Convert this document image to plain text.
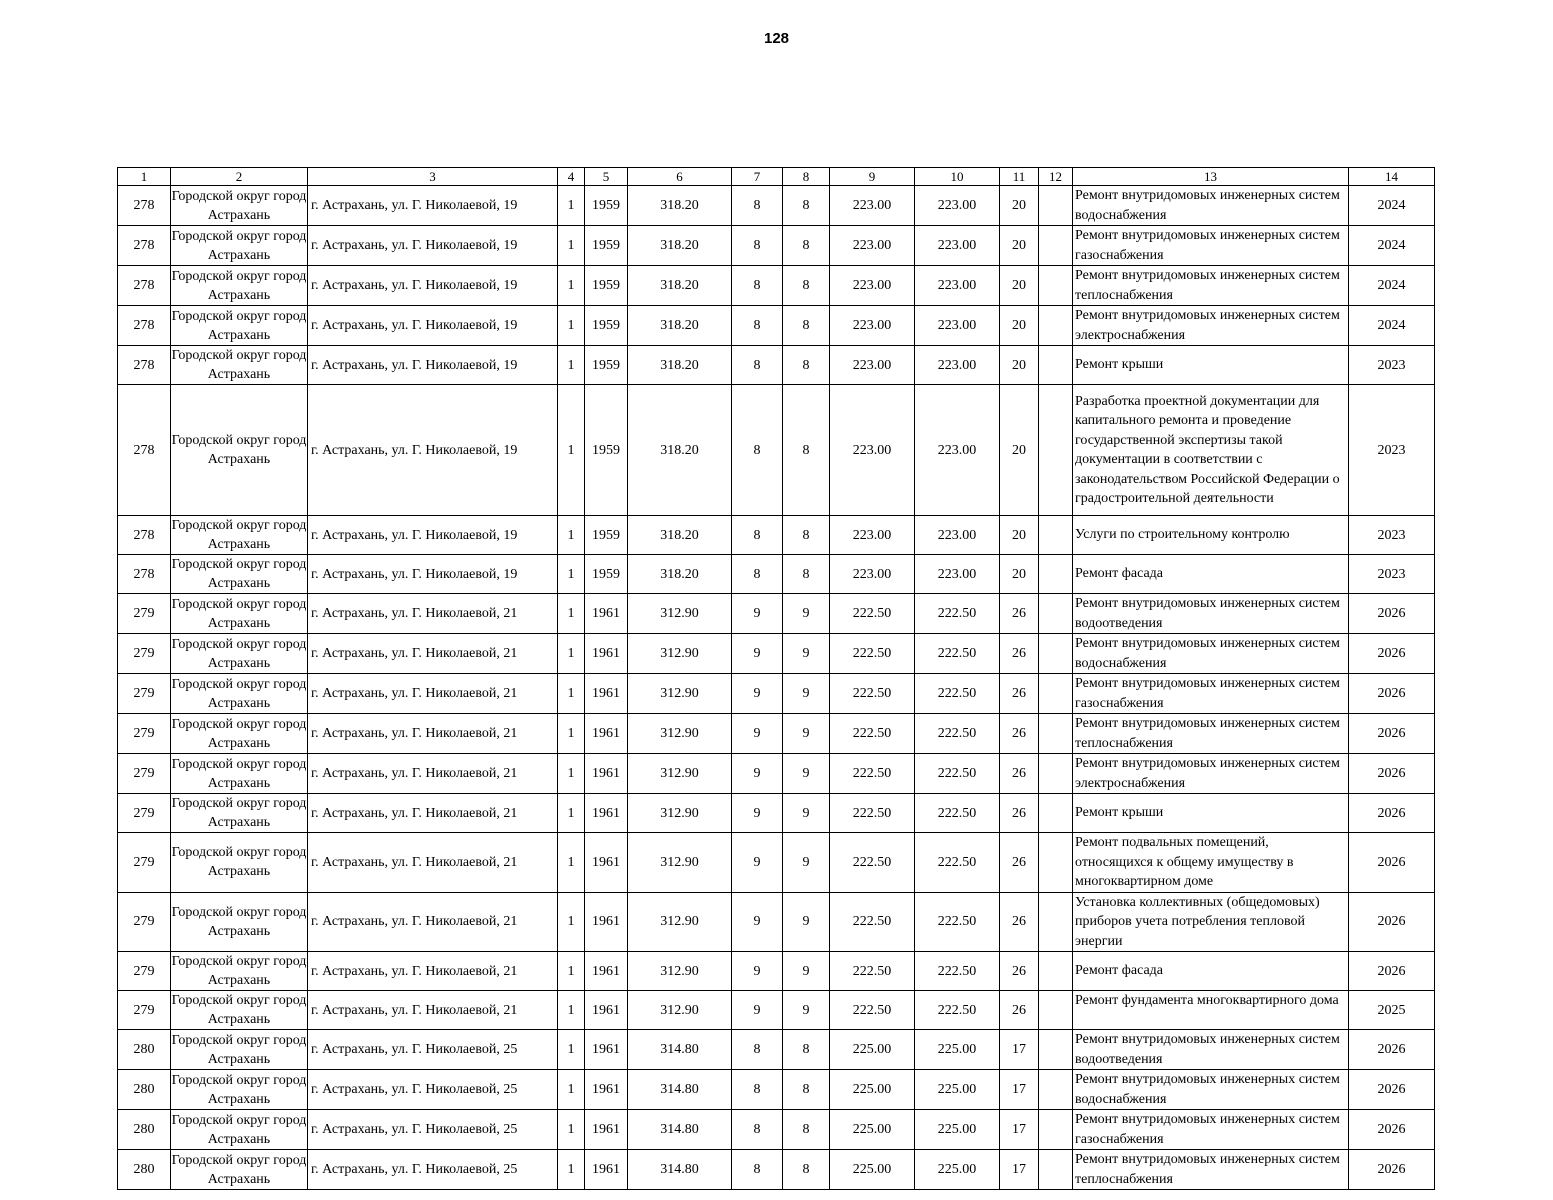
128
1	2	3	4	5	6	7	8	9	10	11	12	13	14
278	Городской округ город Астрахань	г. Астрахань, ул. Г. Николаевой, 19	1	1959	318.20	8	8	223.00	223.00	20		Ремонт внутридомовых инженерных систем водоснабжения	2024
278	Городской округ город Астрахань	г. Астрахань, ул. Г. Николаевой, 19	1	1959	318.20	8	8	223.00	223.00	20		Ремонт внутридомовых инженерных систем газоснабжения	2024
278	Городской округ город Астрахань	г. Астрахань, ул. Г. Николаевой, 19	1	1959	318.20	8	8	223.00	223.00	20		Ремонт внутридомовых инженерных систем теплоснабжения	2024
278	Городской округ город Астрахань	г. Астрахань, ул. Г. Николаевой, 19	1	1959	318.20	8	8	223.00	223.00	20		Ремонт внутридомовых инженерных систем электроснабжения	2024
278	Городской округ город Астрахань	г. Астрахань, ул. Г. Николаевой, 19	1	1959	318.20	8	8	223.00	223.00	20		Ремонт крыши	2023
278	Городской округ город Астрахань	г. Астрахань, ул. Г. Николаевой, 19	1	1959	318.20	8	8	223.00	223.00	20		Разработка проектной документации для капитального ремонта и проведение государственной экспертизы такой документации в соответствии с законодательством Российской Федерации о градостроительной деятельности	2023
278	Городской округ город Астрахань	г. Астрахань, ул. Г. Николаевой, 19	1	1959	318.20	8	8	223.00	223.00	20		Услуги по строительному контролю	2023
278	Городской округ город Астрахань	г. Астрахань, ул. Г. Николаевой, 19	1	1959	318.20	8	8	223.00	223.00	20		Ремонт фасада	2023
279	Городской округ город Астрахань	г. Астрахань, ул. Г. Николаевой, 21	1	1961	312.90	9	9	222.50	222.50	26		Ремонт внутридомовых инженерных систем водоотведения	2026
279	Городской округ город Астрахань	г. Астрахань, ул. Г. Николаевой, 21	1	1961	312.90	9	9	222.50	222.50	26		Ремонт внутридомовых инженерных систем водоснабжения	2026
279	Городской округ город Астрахань	г. Астрахань, ул. Г. Николаевой, 21	1	1961	312.90	9	9	222.50	222.50	26		Ремонт внутридомовых инженерных систем газоснабжения	2026
279	Городской округ город Астрахань	г. Астрахань, ул. Г. Николаевой, 21	1	1961	312.90	9	9	222.50	222.50	26		Ремонт внутридомовых инженерных систем теплоснабжения	2026
279	Городской округ город Астрахань	г. Астрахань, ул. Г. Николаевой, 21	1	1961	312.90	9	9	222.50	222.50	26		Ремонт внутридомовых инженерных систем электроснабжения	2026
279	Городской округ город Астрахань	г. Астрахань, ул. Г. Николаевой, 21	1	1961	312.90	9	9	222.50	222.50	26		Ремонт крыши	2026
279	Городской округ город Астрахань	г. Астрахань, ул. Г. Николаевой, 21	1	1961	312.90	9	9	222.50	222.50	26		Ремонт подвальных помещений, относящихся к общему имуществу в многоквартирном доме	2026
279	Городской округ город Астрахань	г. Астрахань, ул. Г. Николаевой, 21	1	1961	312.90	9	9	222.50	222.50	26		Установка коллективных (общедомовых) приборов учета потребления тепловой энергии	2026
279	Городской округ город Астрахань	г. Астрахань, ул. Г. Николаевой, 21	1	1961	312.90	9	9	222.50	222.50	26		Ремонт фасада	2026
279	Городской округ город Астрахань	г. Астрахань, ул. Г. Николаевой, 21	1	1961	312.90	9	9	222.50	222.50	26		Ремонт фундамента многоквартирного дома	2025
280	Городской округ город Астрахань	г. Астрахань, ул. Г. Николаевой, 25	1	1961	314.80	8	8	225.00	225.00	17		Ремонт внутридомовых инженерных систем водоотведения	2026
280	Городской округ город Астрахань	г. Астрахань, ул. Г. Николаевой, 25	1	1961	314.80	8	8	225.00	225.00	17		Ремонт внутридомовых инженерных систем водоснабжения	2026
280	Городской округ город Астрахань	г. Астрахань, ул. Г. Николаевой, 25	1	1961	314.80	8	8	225.00	225.00	17		Ремонт внутридомовых инженерных систем газоснабжения	2026
280	Городской округ город Астрахань	г. Астрахань, ул. Г. Николаевой, 25	1	1961	314.80	8	8	225.00	225.00	17		Ремонт внутридомовых инженерных систем теплоснабжения	2026
